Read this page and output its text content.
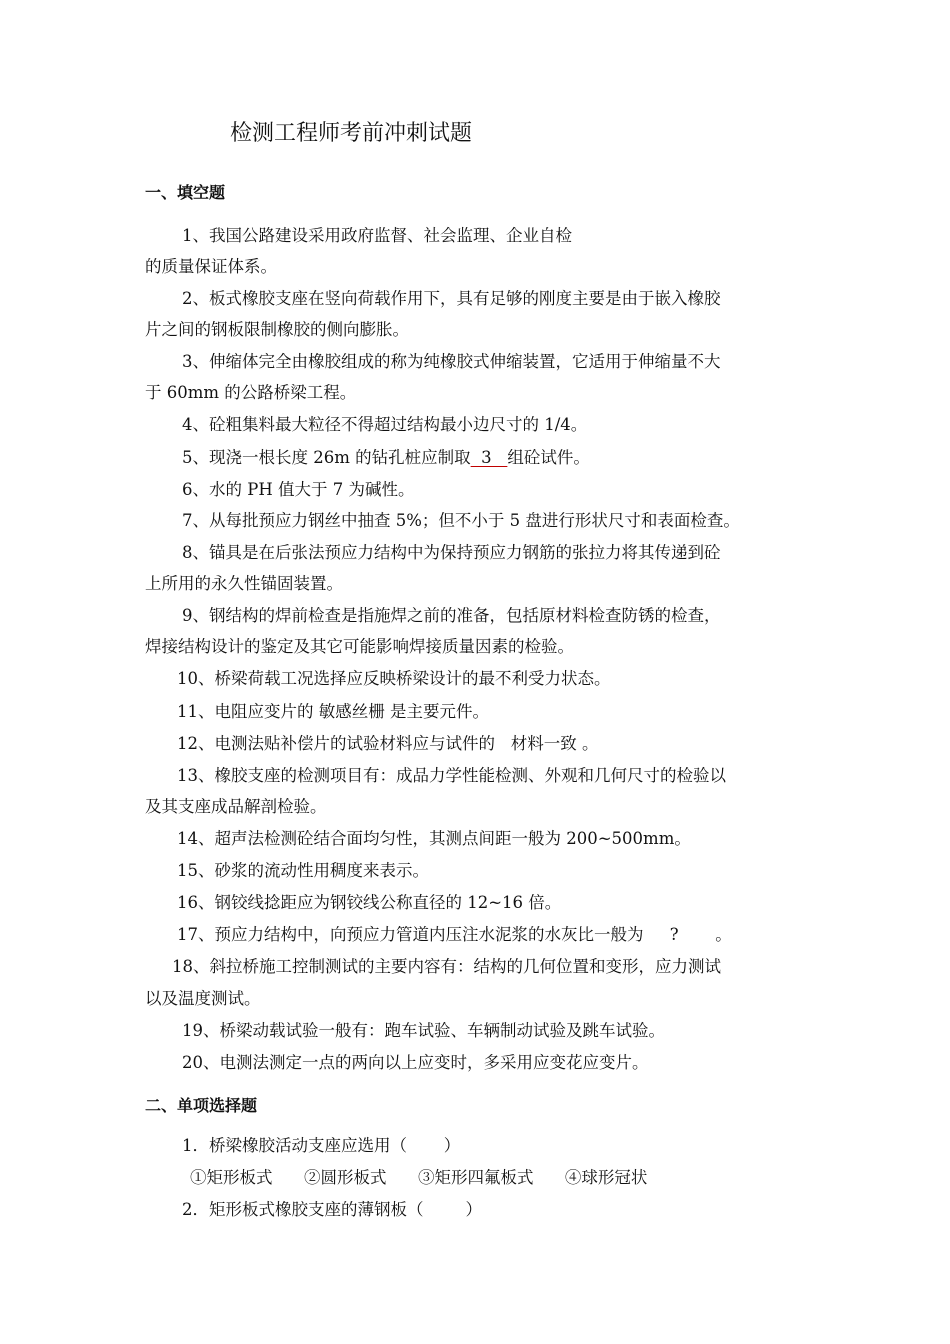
检测工程师考前冲刺试题
一、填空题
1、我国公路建设采用政府监督、社会监理、企业自检
的质量保证体系。
2、板式橡胶支座在竖向荷载作用下，具有足够的刚度主要是由于嵌入橡胶
片之间的钢板限制橡胶的侧向膨胀。
3、伸缩体完全由橡胶组成的称为纯橡胶式伸缩装置，它适用于伸缩量不大
于 60mm 的公路桥梁工程。
4、砼粗集料最大粒径不得超过结构最小边尺寸的 1/4。
5、现浇一根长度 26m 的钻孔桩应制取  3   组砼试件。
6、水的 PH 值大于 7 为碱性。
7、从每批预应力钢丝中抽查 5%；但不小于 5 盘进行形状尺寸和表面检查。
8、锚具是在后张法预应力结构中为保持预应力钢筋的张拉力将其传递到砼
上所用的永久性锚固装置。
9、钢结构的焊前检查是指施焊之前的准备，包括原材料检查防锈的检查，
焊接结构设计的鉴定及其它可能影响焊接质量因素的检验。
10、桥梁荷载工况选择应反映桥梁设计的最不利受力状态。
11、电阻应变片的 敏感丝栅 是主要元件。
12、电测法贴补偿片的试验材料应与试件的   材料一致 。
13、橡胶支座的检测项目有：成品力学性能检测、外观和几何尺寸的检验以
及其支座成品解剖检验。
14、超声法检测砼结合面均匀性，其测点间距一般为 200~500mm。
15、砂浆的流动性用稠度来表示。
16、钢铰线捻距应为钢铰线公称直径的 12~16 倍。
17、预应力结构中，向预应力管道内压注水泥浆的水灰比一般为     ?       。
18、斜拉桥施工控制测试的主要内容有：结构的几何位置和变形，应力测试
以及温度测试。
19、桥梁动载试验一般有：跑车试验、车辆制动试验及跳车试验。
20、电测法测定一点的两向以上应变时，多采用应变花应变片。
二、单项选择题
1．桥梁橡胶活动支座应选用（       ）
①矩形板式      ②圆形板式      ③矩形四氟板式      ④球形冠状
2．矩形板式橡胶支座的薄钢板（        ）
